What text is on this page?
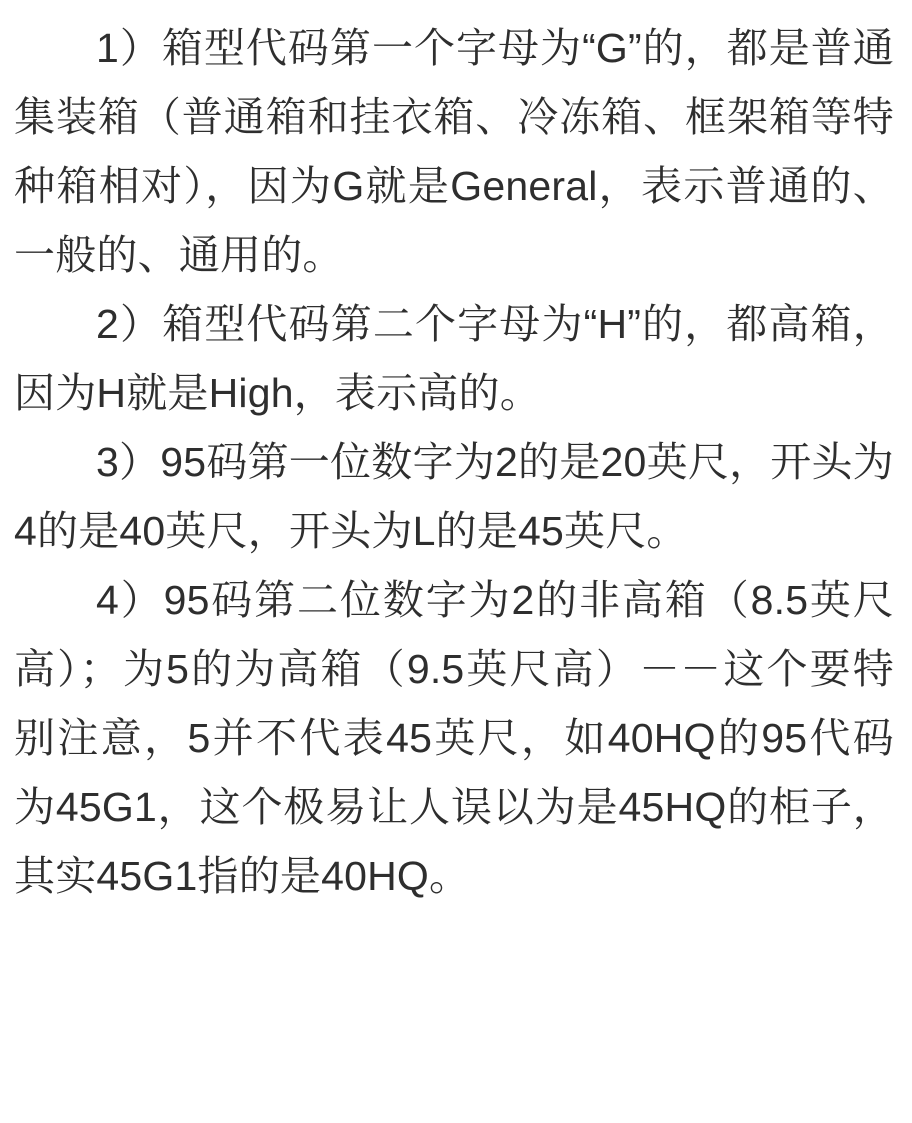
1）箱型代码第一个字母为“G”的，都是普通集装箱（普通箱和挂衣箱、冷冻箱、框架箱等特种箱相对），因为G就是General，表示普通的、一般的、通用的。

2）箱型代码第二个字母为“H”的，都高箱，因为H就是High，表示高的。

3）95码第一位数字为2的是20英尺，开头为4的是40英尺，开头为L的是45英尺。

4）95码第二位数字为2的非高箱（8.5英尺高）；为5的为高箱（9.5英尺高）－－这个要特别注意，5并不代表45英尺，如40HQ的95代码为45G1，这个极易让人误以为是45HQ的柜子，其实45G1指的是40HQ。
